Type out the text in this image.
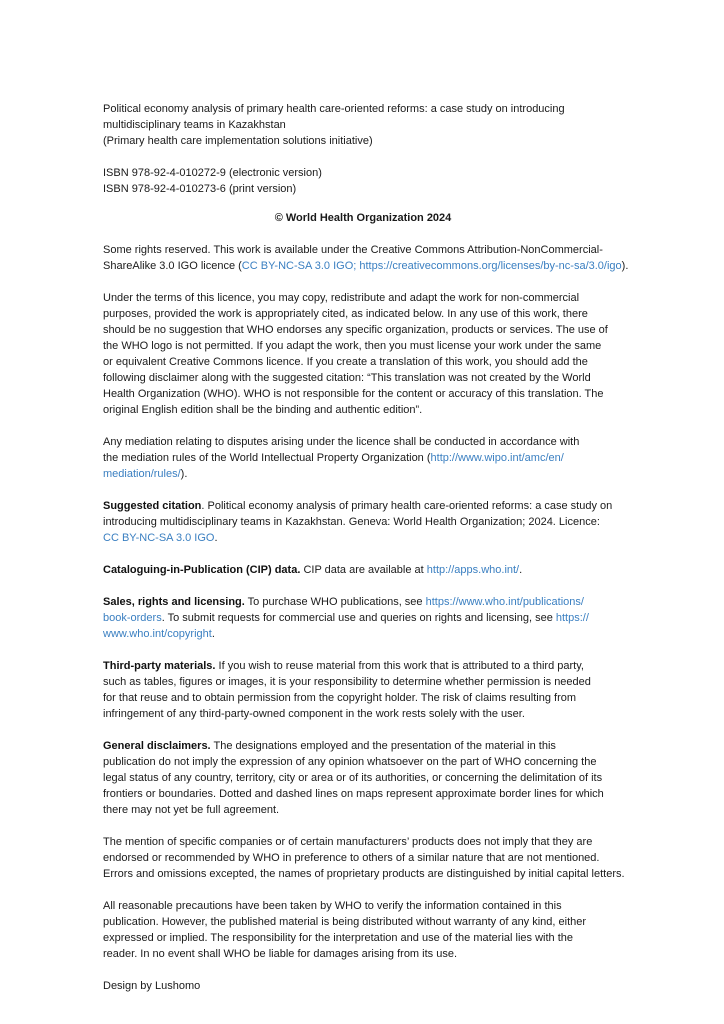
Political economy analysis of primary health care-oriented reforms: a case study on introducing
multidisciplinary teams in Kazakhstan
(Primary health care implementation solutions initiative)
ISBN 978-92-4-010272-9 (electronic version)
ISBN 978-92-4-010273-6 (print version)

© World Health Organization 2024

Some rights reserved. This work is available under the Creative Commons Attribution-NonCommercial-
ShareAlike 3.0 IGO licence (CC BY-NC-SA 3.0 IGO; https://creativecommons.org/licenses/by-nc-sa/3.0/igo).
Under the terms of this licence, you may copy, redistribute and adapt the work for non-commercial
purposes, provided the work is appropriately cited, as indicated below. In any use of this work, there
should be no suggestion that WHO endorses any specific organization, products or services. The use of
the WHO logo is not permitted. If you adapt the work, then you must license your work under the same
or equivalent Creative Commons licence. If you create a translation of this work, you should add the
following disclaimer along with the suggested citation: “This translation was not created by the World
Health Organization (WHO). WHO is not responsible for the content or accuracy of this translation. The
original English edition shall be the binding and authentic edition”.
Any mediation relating to disputes arising under the licence shall be conducted in accordance with
the mediation rules of the World Intellectual Property Organization (http://www.wipo.int/amc/en/
mediation/rules/).
Suggested citation. Political economy analysis of primary health care-oriented reforms: a case study on
introducing multidisciplinary teams in Kazakhstan. Geneva: World Health Organization; 2024. Licence:
CC BY-NC-SA 3.0 IGO.
Cataloguing-in-Publication (CIP) data. CIP data are available at http://apps.who.int/.
Sales, rights and licensing. To purchase WHO publications, see https://www.who.int/publications/
book-orders. To submit requests for commercial use and queries on rights and licensing, see https://
www.who.int/copyright.
Third-party materials. If you wish to reuse material from this work that is attributed to a third party,
such as tables, figures or images, it is your responsibility to determine whether permission is needed
for that reuse and to obtain permission from the copyright holder. The risk of claims resulting from
infringement of any third-party-owned component in the work rests solely with the user.
General disclaimers. The designations employed and the presentation of the material in this
publication do not imply the expression of any opinion whatsoever on the part of WHO concerning the
legal status of any country, territory, city or area or of its authorities, or concerning the delimitation of its
frontiers or boundaries. Dotted and dashed lines on maps represent approximate border lines for which
there may not yet be full agreement.
The mention of specific companies or of certain manufacturers’ products does not imply that they are
endorsed or recommended by WHO in preference to others of a similar nature that are not mentioned.
Errors and omissions excepted, the names of proprietary products are distinguished by initial capital letters.
All reasonable precautions have been taken by WHO to verify the information contained in this
publication. However, the published material is being distributed without warranty of any kind, either
expressed or implied. The responsibility for the interpretation and use of the material lies with the
reader. In no event shall WHO be liable for damages arising from its use.

Design by Lushomo
